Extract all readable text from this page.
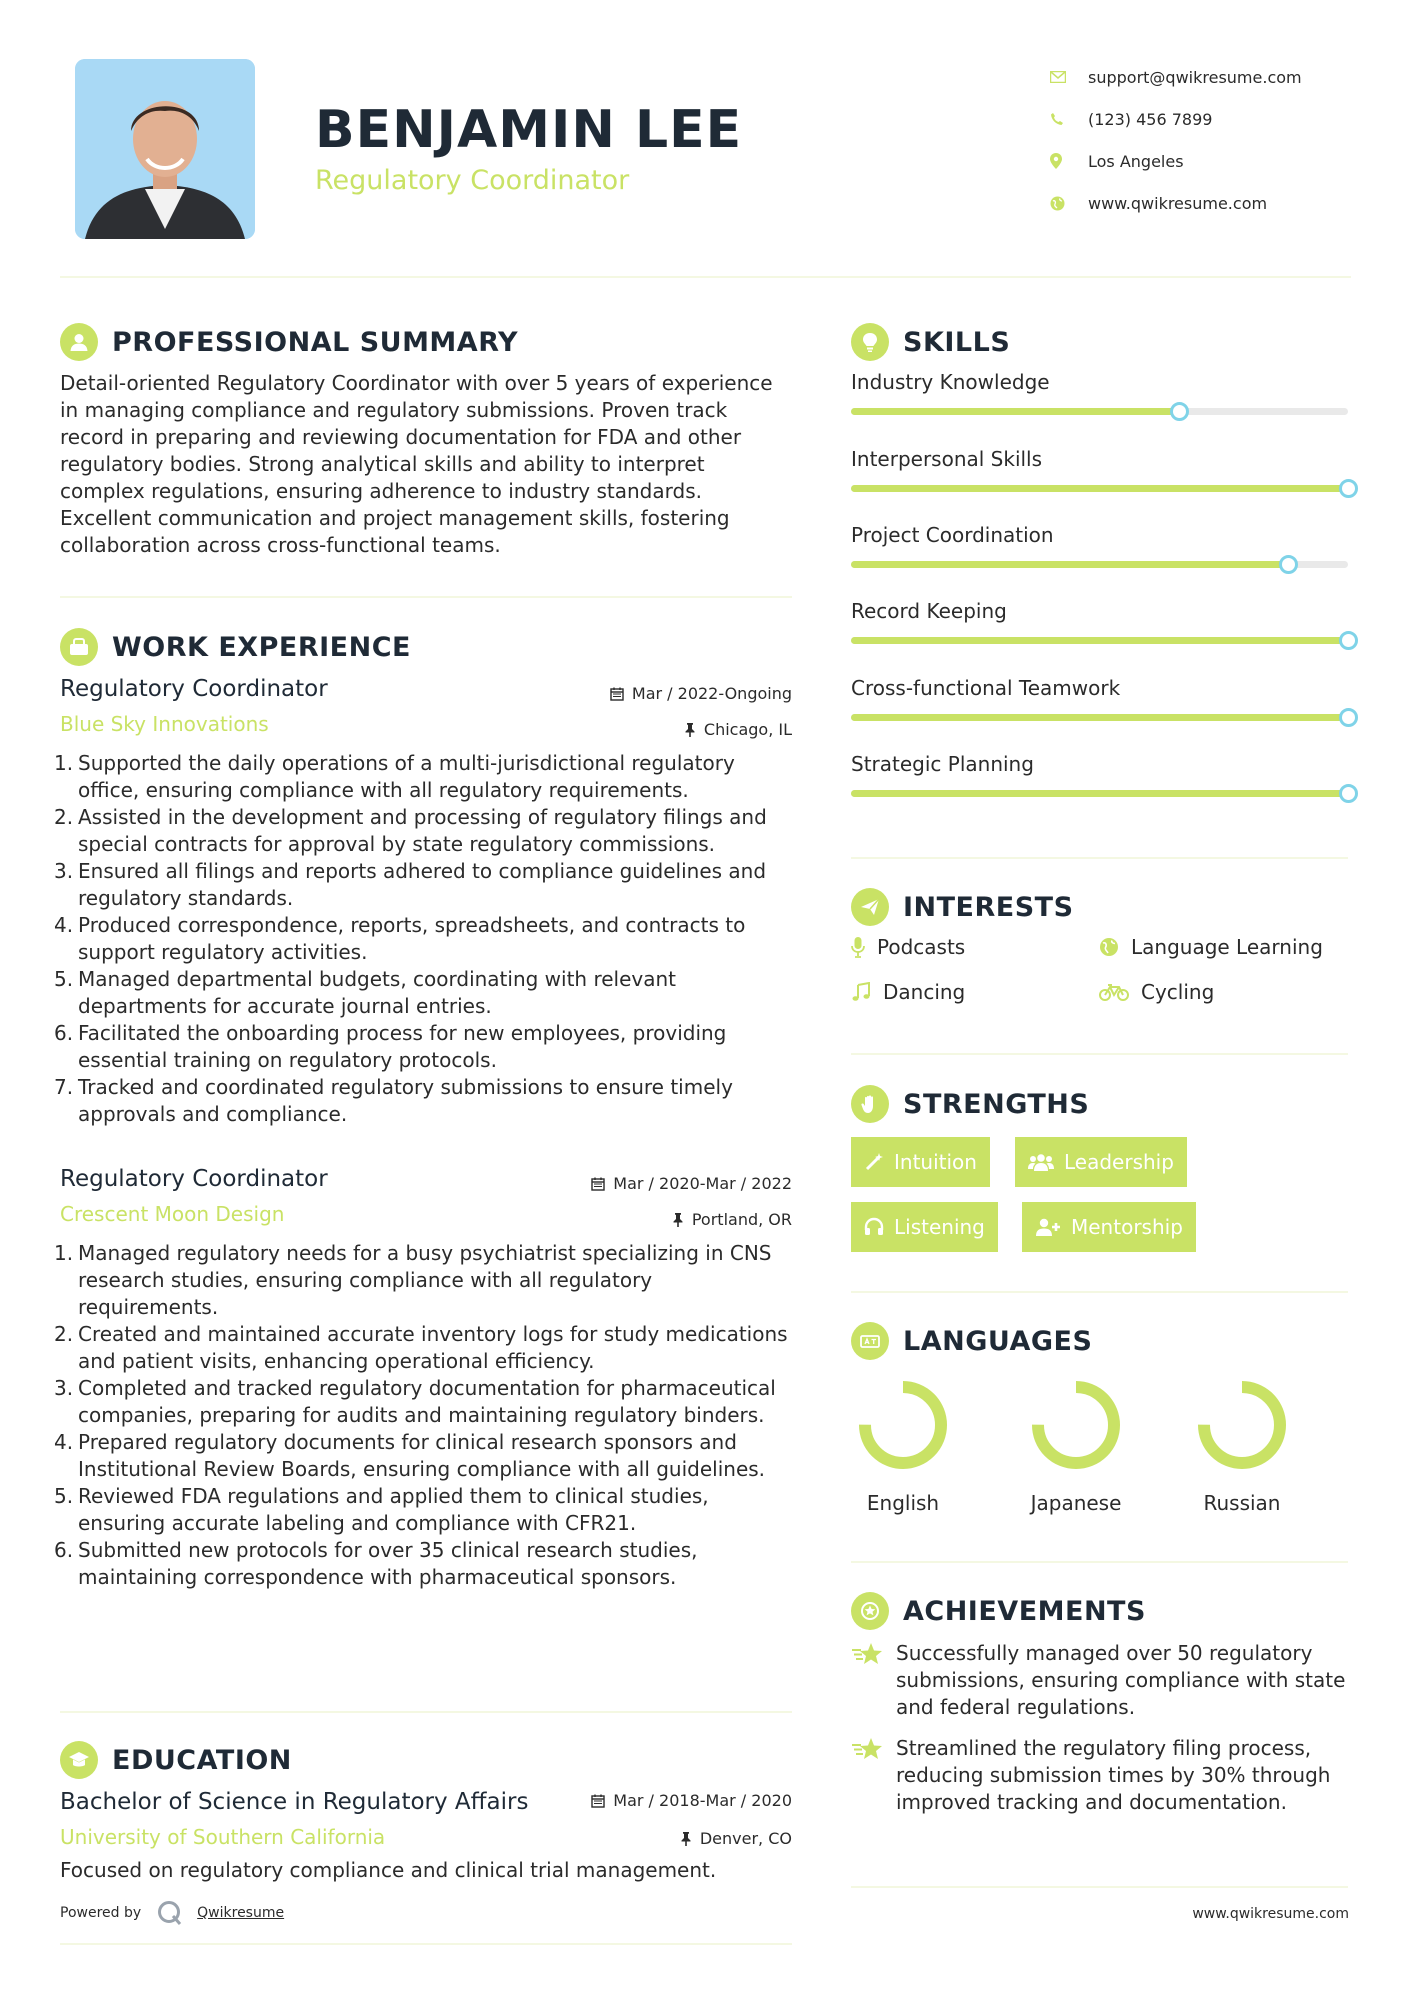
BENJAMIN LEE
Regulatory Coordinator
support@qwikresume.com
(123) 456 7899
Los Angeles
www.qwikresume.com
PROFESSIONAL SUMMARY
Detail-oriented Regulatory Coordinator with over 5 years of experience in managing compliance and regulatory submissions. Proven track record in preparing and reviewing documentation for FDA and other regulatory bodies. Strong analytical skills and ability to interpret complex regulations, ensuring adherence to industry standards. Excellent communication and project management skills, fostering collaboration across cross-functional teams.
WORK EXPERIENCE
Regulatory Coordinator	Mar / 2022-Ongoing
Chicago, IL
Blue Sky Innovations
1. Supported the daily operations of a multi-jurisdictional regulatory office, ensuring compliance with all regulatory requirements.
2. Assisted in the development and processing of regulatory filings and special contracts for approval by state regulatory commissions.
3. Ensured all filings and reports adhered to compliance guidelines and regulatory standards.
4. Produced correspondence, reports, spreadsheets, and contracts to support regulatory activities.
5. Managed departmental budgets, coordinating with relevant departments for accurate journal entries.
6. Facilitated the onboarding process for new employees, providing essential training on regulatory protocols.
7. Tracked and coordinated regulatory submissions to ensure timely approvals and compliance.
Regulatory Coordinator	Mar / 2020-Mar / 2022
Portland, OR
Crescent Moon Design
1. Managed regulatory needs for a busy psychiatrist specializing in CNS research studies, ensuring compliance with all regulatory requirements.
2. Created and maintained accurate inventory logs for study medications and patient visits, enhancing operational efficiency.
3. Completed and tracked regulatory documentation for pharmaceutical companies, preparing for audits and maintaining regulatory binders.
4. Prepared regulatory documents for clinical research sponsors and Institutional Review Boards, ensuring compliance with all guidelines.
5. Reviewed FDA regulations and applied them to clinical studies, ensuring accurate labeling and compliance with CFR21.
6. Submitted new protocols for over 35 clinical research studies, maintaining correspondence with pharmaceutical sponsors.
EDUCATION
Bachelor of Science in Regulatory Affairs	Mar / 2018-Mar / 2020
Denver, CO
University of Southern California
Focused on regulatory compliance and clinical trial management.
Powered by	Qwikresume	www.qwikresume.com
SKILLS
Industry Knowledge
Interpersonal Skills
Project Coordination
Record Keeping
Cross-functional Teamwork
Strategic Planning
INTERESTS
Podcasts	Language Learning
Dancing	Cycling
STRENGTHS
Intuition	Leadership
Listening	Mentorship
LANGUAGES
English	Japanese	Russian
ACHIEVEMENTS
Successfully managed over 50 regulatory submissions, ensuring compliance with state and federal regulations.
Streamlined the regulatory filing process, reducing submission times by 30% through improved tracking and documentation.
